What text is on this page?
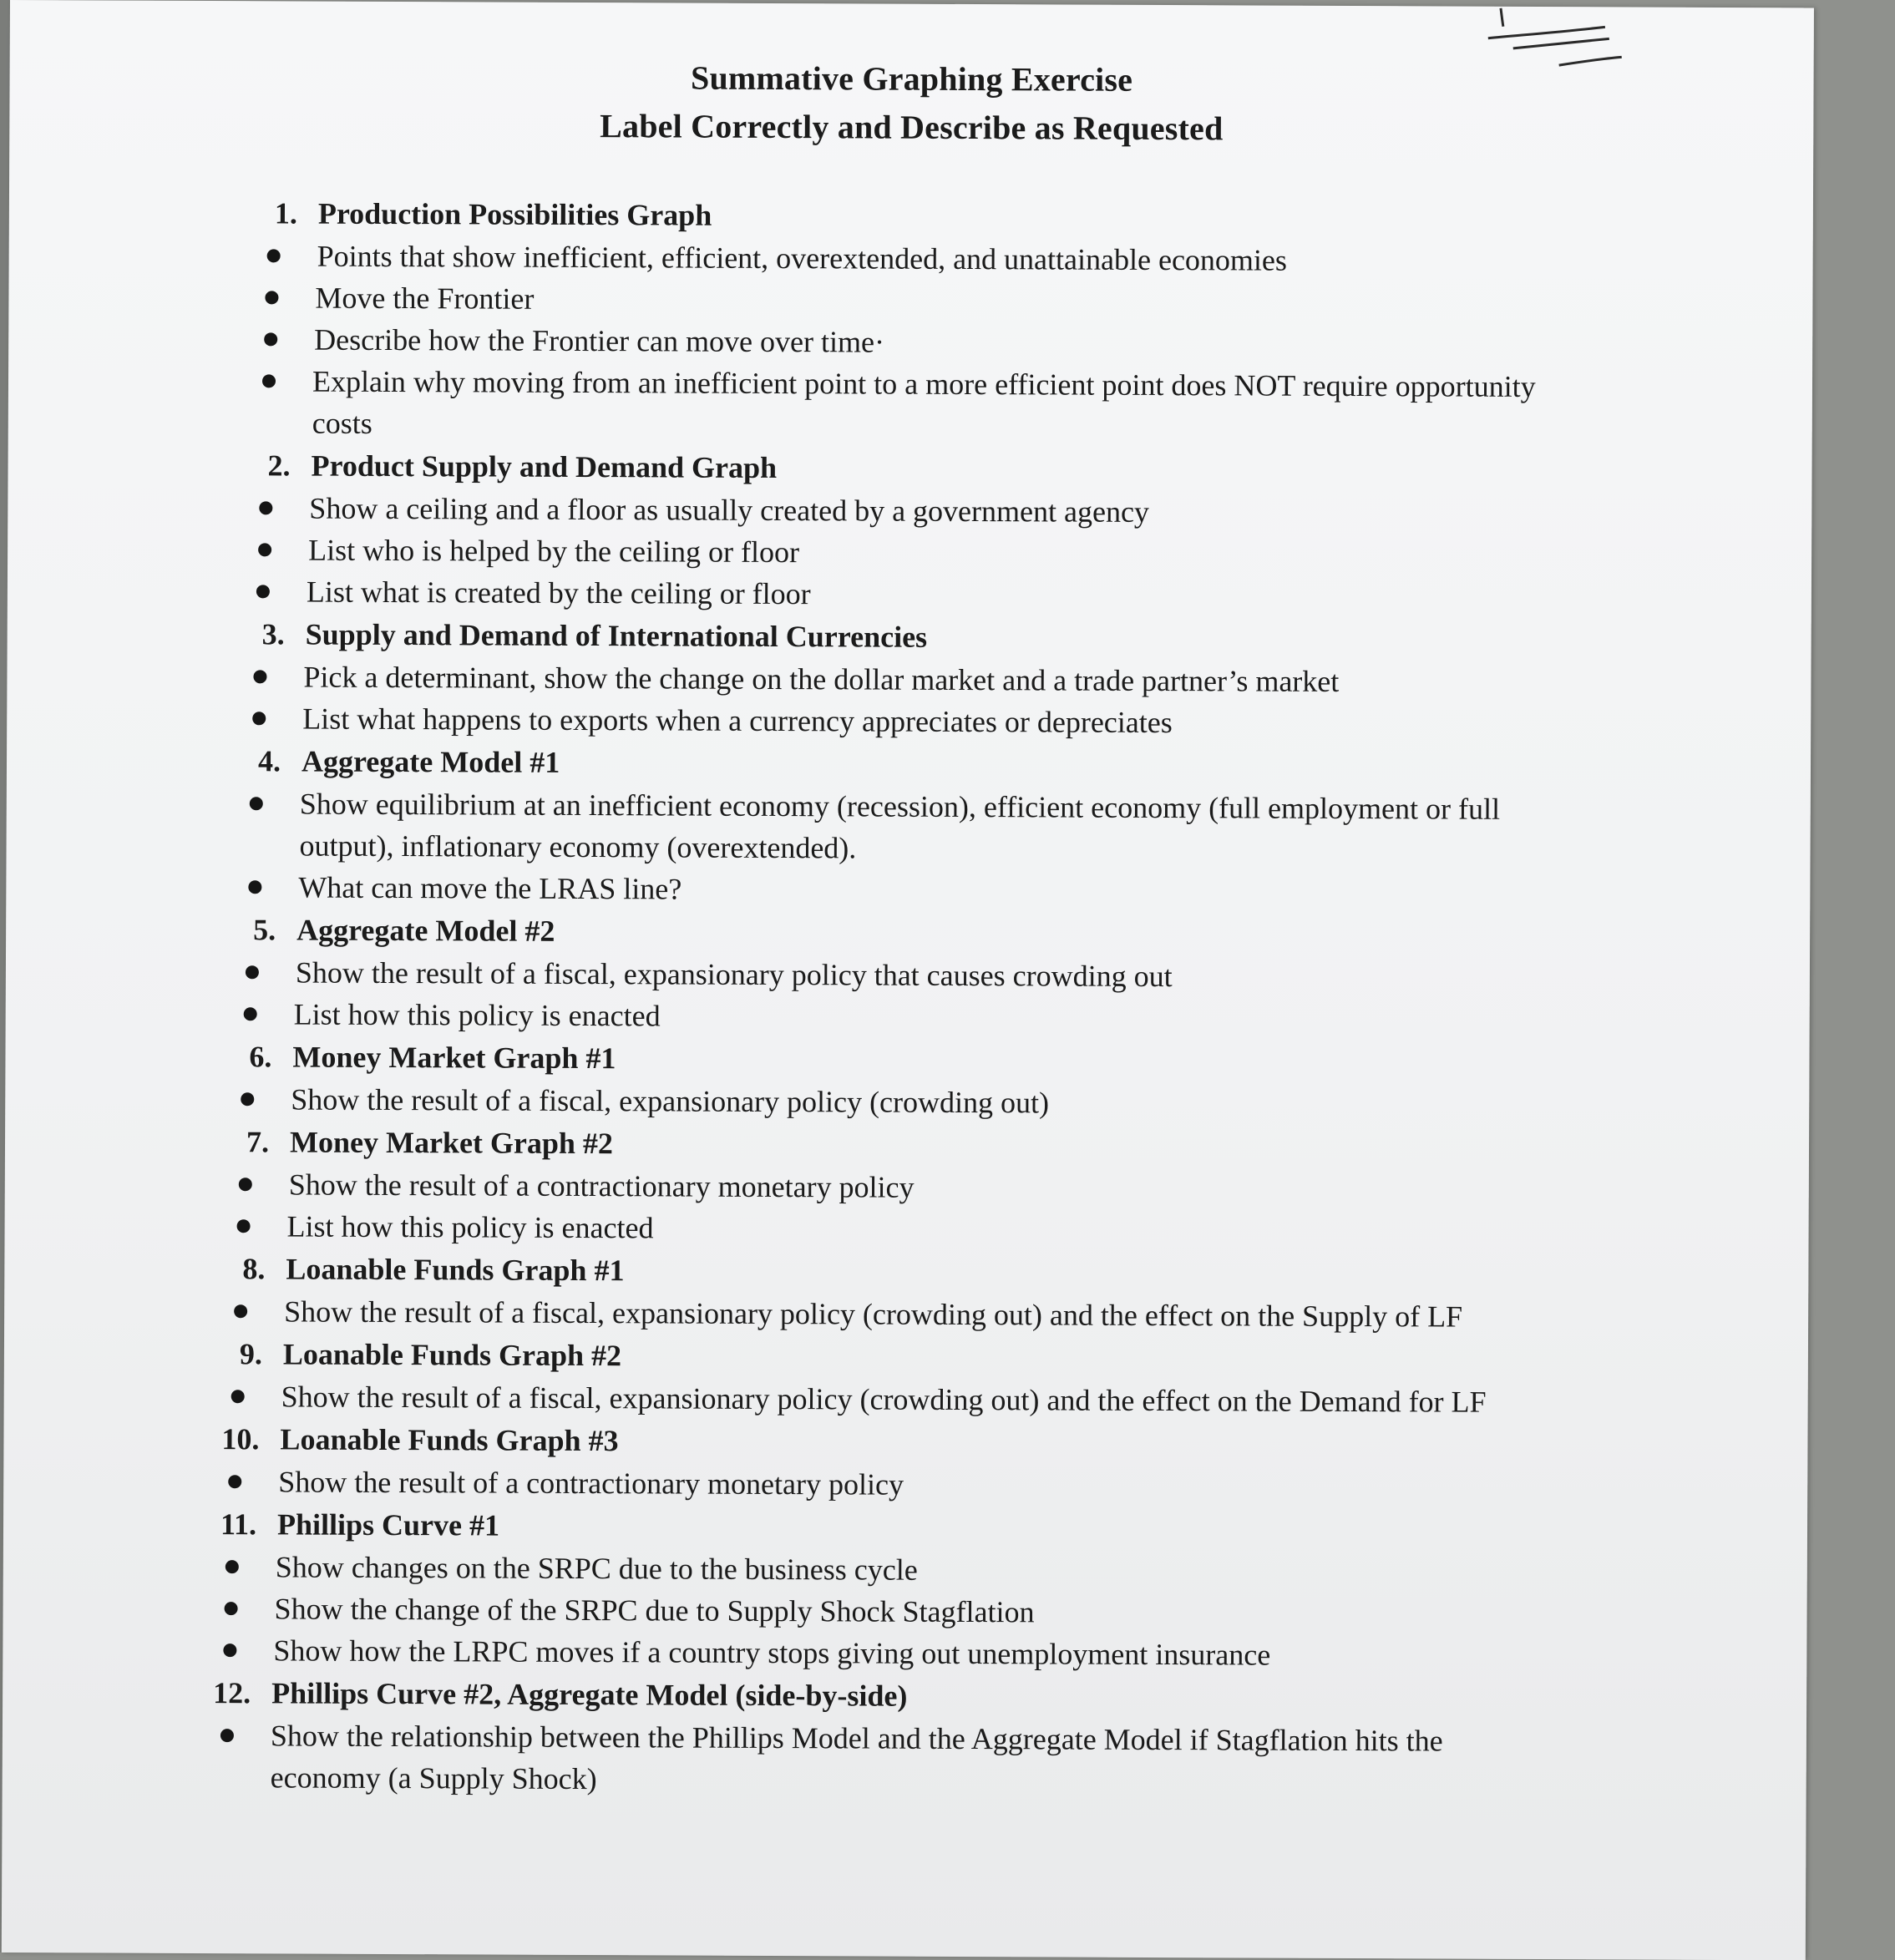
Summative Graphing Exercise
Label Correctly and Describe as Requested
1. Production Possibilities Graph
Points that show inefficient, efficient, overextended, and unattainable economies
Move the Frontier
Describe how the Frontier can move over time·
Explain why moving from an inefficient point to a more efficient point does NOT require opportunity costs
2. Product Supply and Demand Graph
Show a ceiling and a floor as usually created by a government agency
List who is helped by the ceiling or floor
List what is created by the ceiling or floor
3. Supply and Demand of International Currencies
Pick a determinant, show the change on the dollar market and a trade partner’s market
List what happens to exports when a currency appreciates or depreciates
4. Aggregate Model #1
Show equilibrium at an inefficient economy (recession), efficient economy (full employment or full output), inflationary economy (overextended).
What can move the LRAS line?
5. Aggregate Model #2
Show the result of a fiscal, expansionary policy that causes crowding out
List how this policy is enacted
6. Money Market Graph #1
Show the result of a fiscal, expansionary policy (crowding out)
7. Money Market Graph #2
Show the result of a contractionary monetary policy
List how this policy is enacted
8. Loanable Funds Graph #1
Show the result of a fiscal, expansionary policy (crowding out) and the effect on the Supply of LF
9. Loanable Funds Graph #2
Show the result of a fiscal, expansionary policy (crowding out) and the effect on the Demand for LF
10. Loanable Funds Graph #3
Show the result of a contractionary monetary policy
11. Phillips Curve #1
Show changes on the SRPC due to the business cycle
Show the change of the SRPC due to Supply Shock Stagflation
Show how the LRPC moves if a country stops giving out unemployment insurance
12. Phillips Curve #2, Aggregate Model (side-by-side)
Show the relationship between the Phillips Model and the Aggregate Model if Stagflation hits the economy (a Supply Shock)
